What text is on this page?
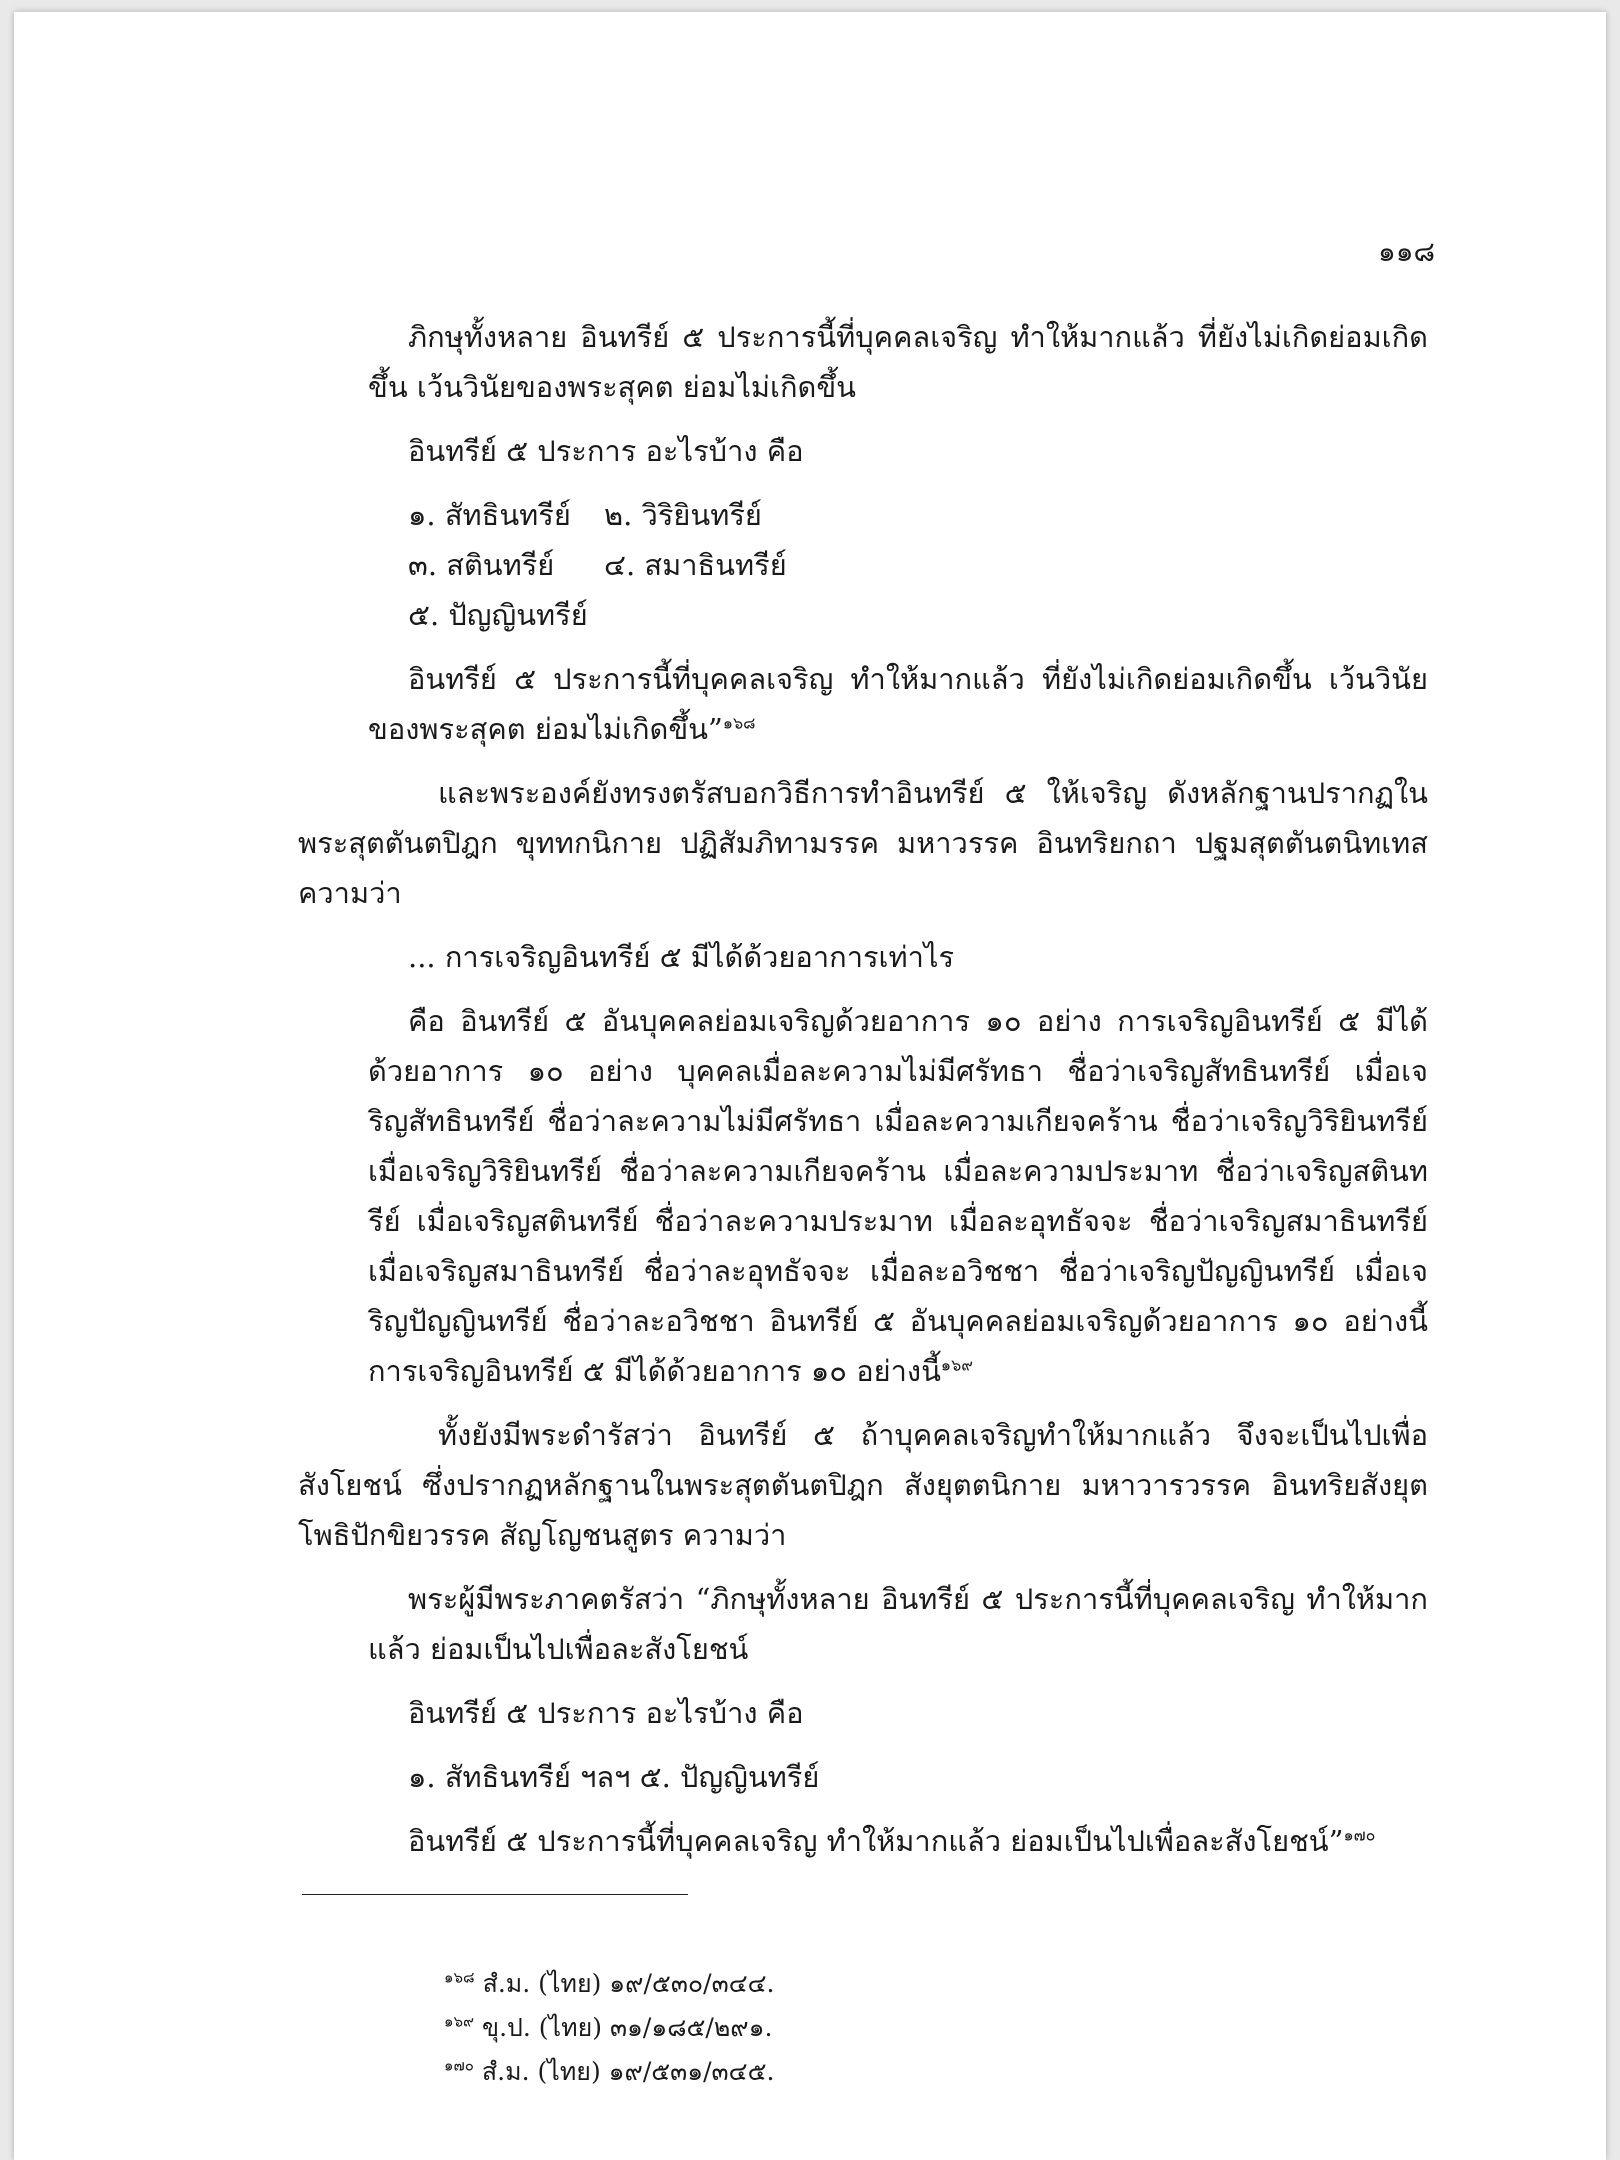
๑๑๘

ภิกษุทั้งหลาย อินทรีย์ ๕ ประการนี้ที่บุคคลเจริญ ทำให้มากแล้ว ที่ยังไม่เกิดย่อมเกิดขึ้น เว้นวินัยของพระสุคต ย่อมไม่เกิดขึ้น

อินทรีย์ ๕ ประการ อะไรบ้าง คือ

๑. สัทธินทรีย์	๒. วิริยินทรีย์
๓. สตินทรีย์	๔. สมาธินทรีย์
๕. ปัญญินทรีย์

อินทรีย์ ๕ ประการนี้ที่บุคคลเจริญ ทำให้มากแล้ว ที่ยังไม่เกิดย่อมเกิดขึ้น เว้นวินัยของพระสุคต ย่อมไม่เกิดขึ้น”$^{๑๖๘}$

และพระองค์ยังทรงตรัสบอกวิธีการทำอินทรีย์ ๕ ให้เจริญ ดังหลักฐานปรากฏในพระสุตตันตปิฎก ขุททกนิกาย ปฏิสัมภิทามรรค มหาวรรค อินทริยกถา ปฐมสุตตันตนิทเทส ความว่า

... การเจริญอินทรีย์ ๕ มีได้ด้วยอาการเท่าไร

คือ อินทรีย์ ๕ อันบุคคลย่อมเจริญด้วยอาการ ๑๐ อย่าง การเจริญอินทรีย์ ๕ มีได้ด้วยอาการ ๑๐ อย่าง บุคคลเมื่อละความไม่มีศรัทธา ชื่อว่าเจริญสัทธินทรีย์ เมื่อเจริญสัทธินทรีย์ ชื่อว่าละความไม่มีศรัทธา เมื่อละความเกียจคร้าน ชื่อว่าเจริญวิริยินทรีย์ เมื่อเจริญวิริยินทรีย์ ชื่อว่าละความเกียจคร้าน เมื่อละความประมาท ชื่อว่าเจริญสตินทรีย์ เมื่อเจริญสตินทรีย์ ชื่อว่าละความประมาท เมื่อละอุทธัจจะ ชื่อว่าเจริญสมาธินทรีย์ เมื่อเจริญสมาธินทรีย์ ชื่อว่าละอุทธัจจะ เมื่อละอวิชชา ชื่อว่าเจริญปัญญินทรีย์ เมื่อเจริญปัญญินทรีย์ ชื่อว่าละอวิชชา อินทรีย์ ๕ อันบุคคลย่อมเจริญด้วยอาการ ๑๐ อย่างนี้ การเจริญอินทรีย์ ๕ มีได้ด้วยอาการ ๑๐ อย่างนี้$^{๑๖๙}$

ทั้งยังมีพระดำรัสว่า อินทรีย์ ๕ ถ้าบุคคลเจริญทำให้มากแล้ว จึงจะเป็นไปเพื่อสังโยชน์ ซึ่งปรากฏหลักฐานในพระสุตตันตปิฎก สังยุตตนิกาย มหาวารวรรค อินทริยสังยุต โพธิปักขิยวรรค สัญโญชนสูตร ความว่า

พระผู้มีพระภาคตรัสว่า “ภิกษุทั้งหลาย อินทรีย์ ๕ ประการนี้ที่บุคคลเจริญ ทำให้มากแล้ว ย่อมเป็นไปเพื่อละสังโยชน์

อินทรีย์ ๕ ประการ อะไรบ้าง คือ

๑. สัทธินทรีย์ ฯลฯ ๕. ปัญญินทรีย์

อินทรีย์ ๕ ประการนี้ที่บุคคลเจริญ ทำให้มากแล้ว ย่อมเป็นไปเพื่อละสังโยชน์”$^{๑๗๐}$

$^{๑๖๘}$ สํ.ม. (ไทย) ๑๙/๕๓๐/๓๔๔.
$^{๑๖๙}$ ขุ.ป. (ไทย) ๓๑/๑๘๕/๒๙๑.
$^{๑๗๐}$ สํ.ม. (ไทย) ๑๙/๕๓๑/๓๔๕.
